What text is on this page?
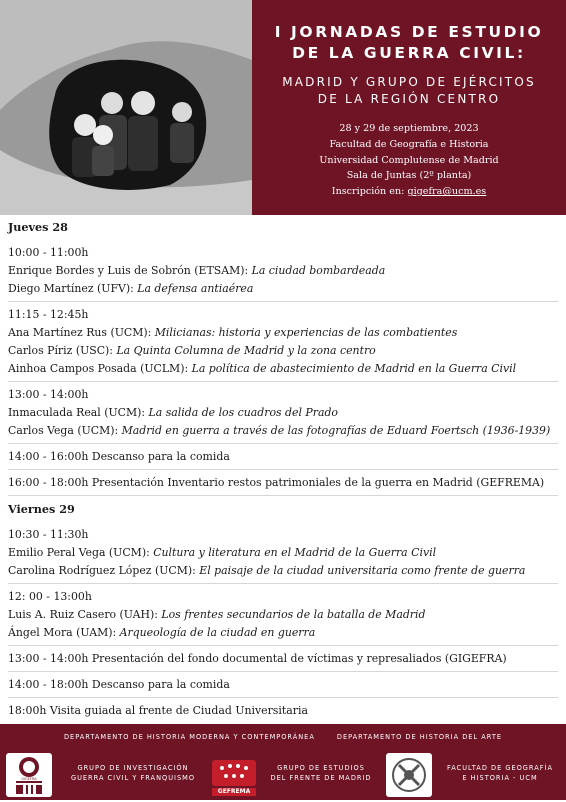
I JORNADAS DE ESTUDIO
DE LA GUERRA CIVIL:
MADRID Y GRUPO DE EJÉRCITOS
DE LA REGIÓN CENTRO
28 y 29 de septiembre, 2023
Facultad de Geografía e Historia
Universidad Complutense de Madrid
Sala de Juntas (2º planta)
Inscripción en: gigefra@ucm.es
Jueves 28
10:00 - 11:00h
Enrique Bordes y Luis de Sobrón (ETSAM): La ciudad bombardeada
Diego Martínez (UFV): La defensa antiaérea
11:15 - 12:45h
Ana Martínez Rus (UCM): Milicianas: historia y experiencias de las combatientes
Carlos Píriz (USC): La Quinta Columna de Madrid y la zona centro
Ainhoa Campos Posada (UCLM): La política de abastecimiento de Madrid en la Guerra Civil
13:00 - 14:00h
Inmaculada Real (UCM): La salida de los cuadros del Prado
Carlos Vega (UCM): Madrid en guerra a través de las fotografías de Eduard Foertsch (1936-1939)
14:00 - 16:00h Descanso para la comida
16:00 - 18:00h Presentación Inventario restos patrimoniales de la guerra en Madrid (GEFREMA)
Viernes 29
10:30 - 11:30h
Emilio Peral Vega (UCM): Cultura y literatura en el Madrid de la Guerra Civil
Carolina Rodríguez López (UCM): El paisaje de la ciudad universitaria como frente de guerra
12: 00 - 13:00h
Luis A. Ruiz Casero (UAH): Los frentes secundarios de la batalla de Madrid
Ángel Mora (UAM): Arqueología de la ciudad en guerra
13:00 - 14:00h Presentación del fondo documental de víctimas y represaliados (GIGEFRA)
14:00 - 18:00h Descanso para la comida
18:00h Visita guiada al frente de Ciudad Universitaria
DEPARTAMENTO DE HISTORIA MODERNA Y CONTEMPORÁNEA	DEPARTAMENTO DE HISTORIA DEL ARTE
GIGEFRA
GRUPO DE INVESTIGACIÓN
GUERRA CIVIL Y FRANQUISMO
GEFREMA
GRUPO DE ESTUDIOS
DEL FRENTE DE MADRID
FACULTAD DE GEOGRAFÍA
E HISTORIA - UCM
